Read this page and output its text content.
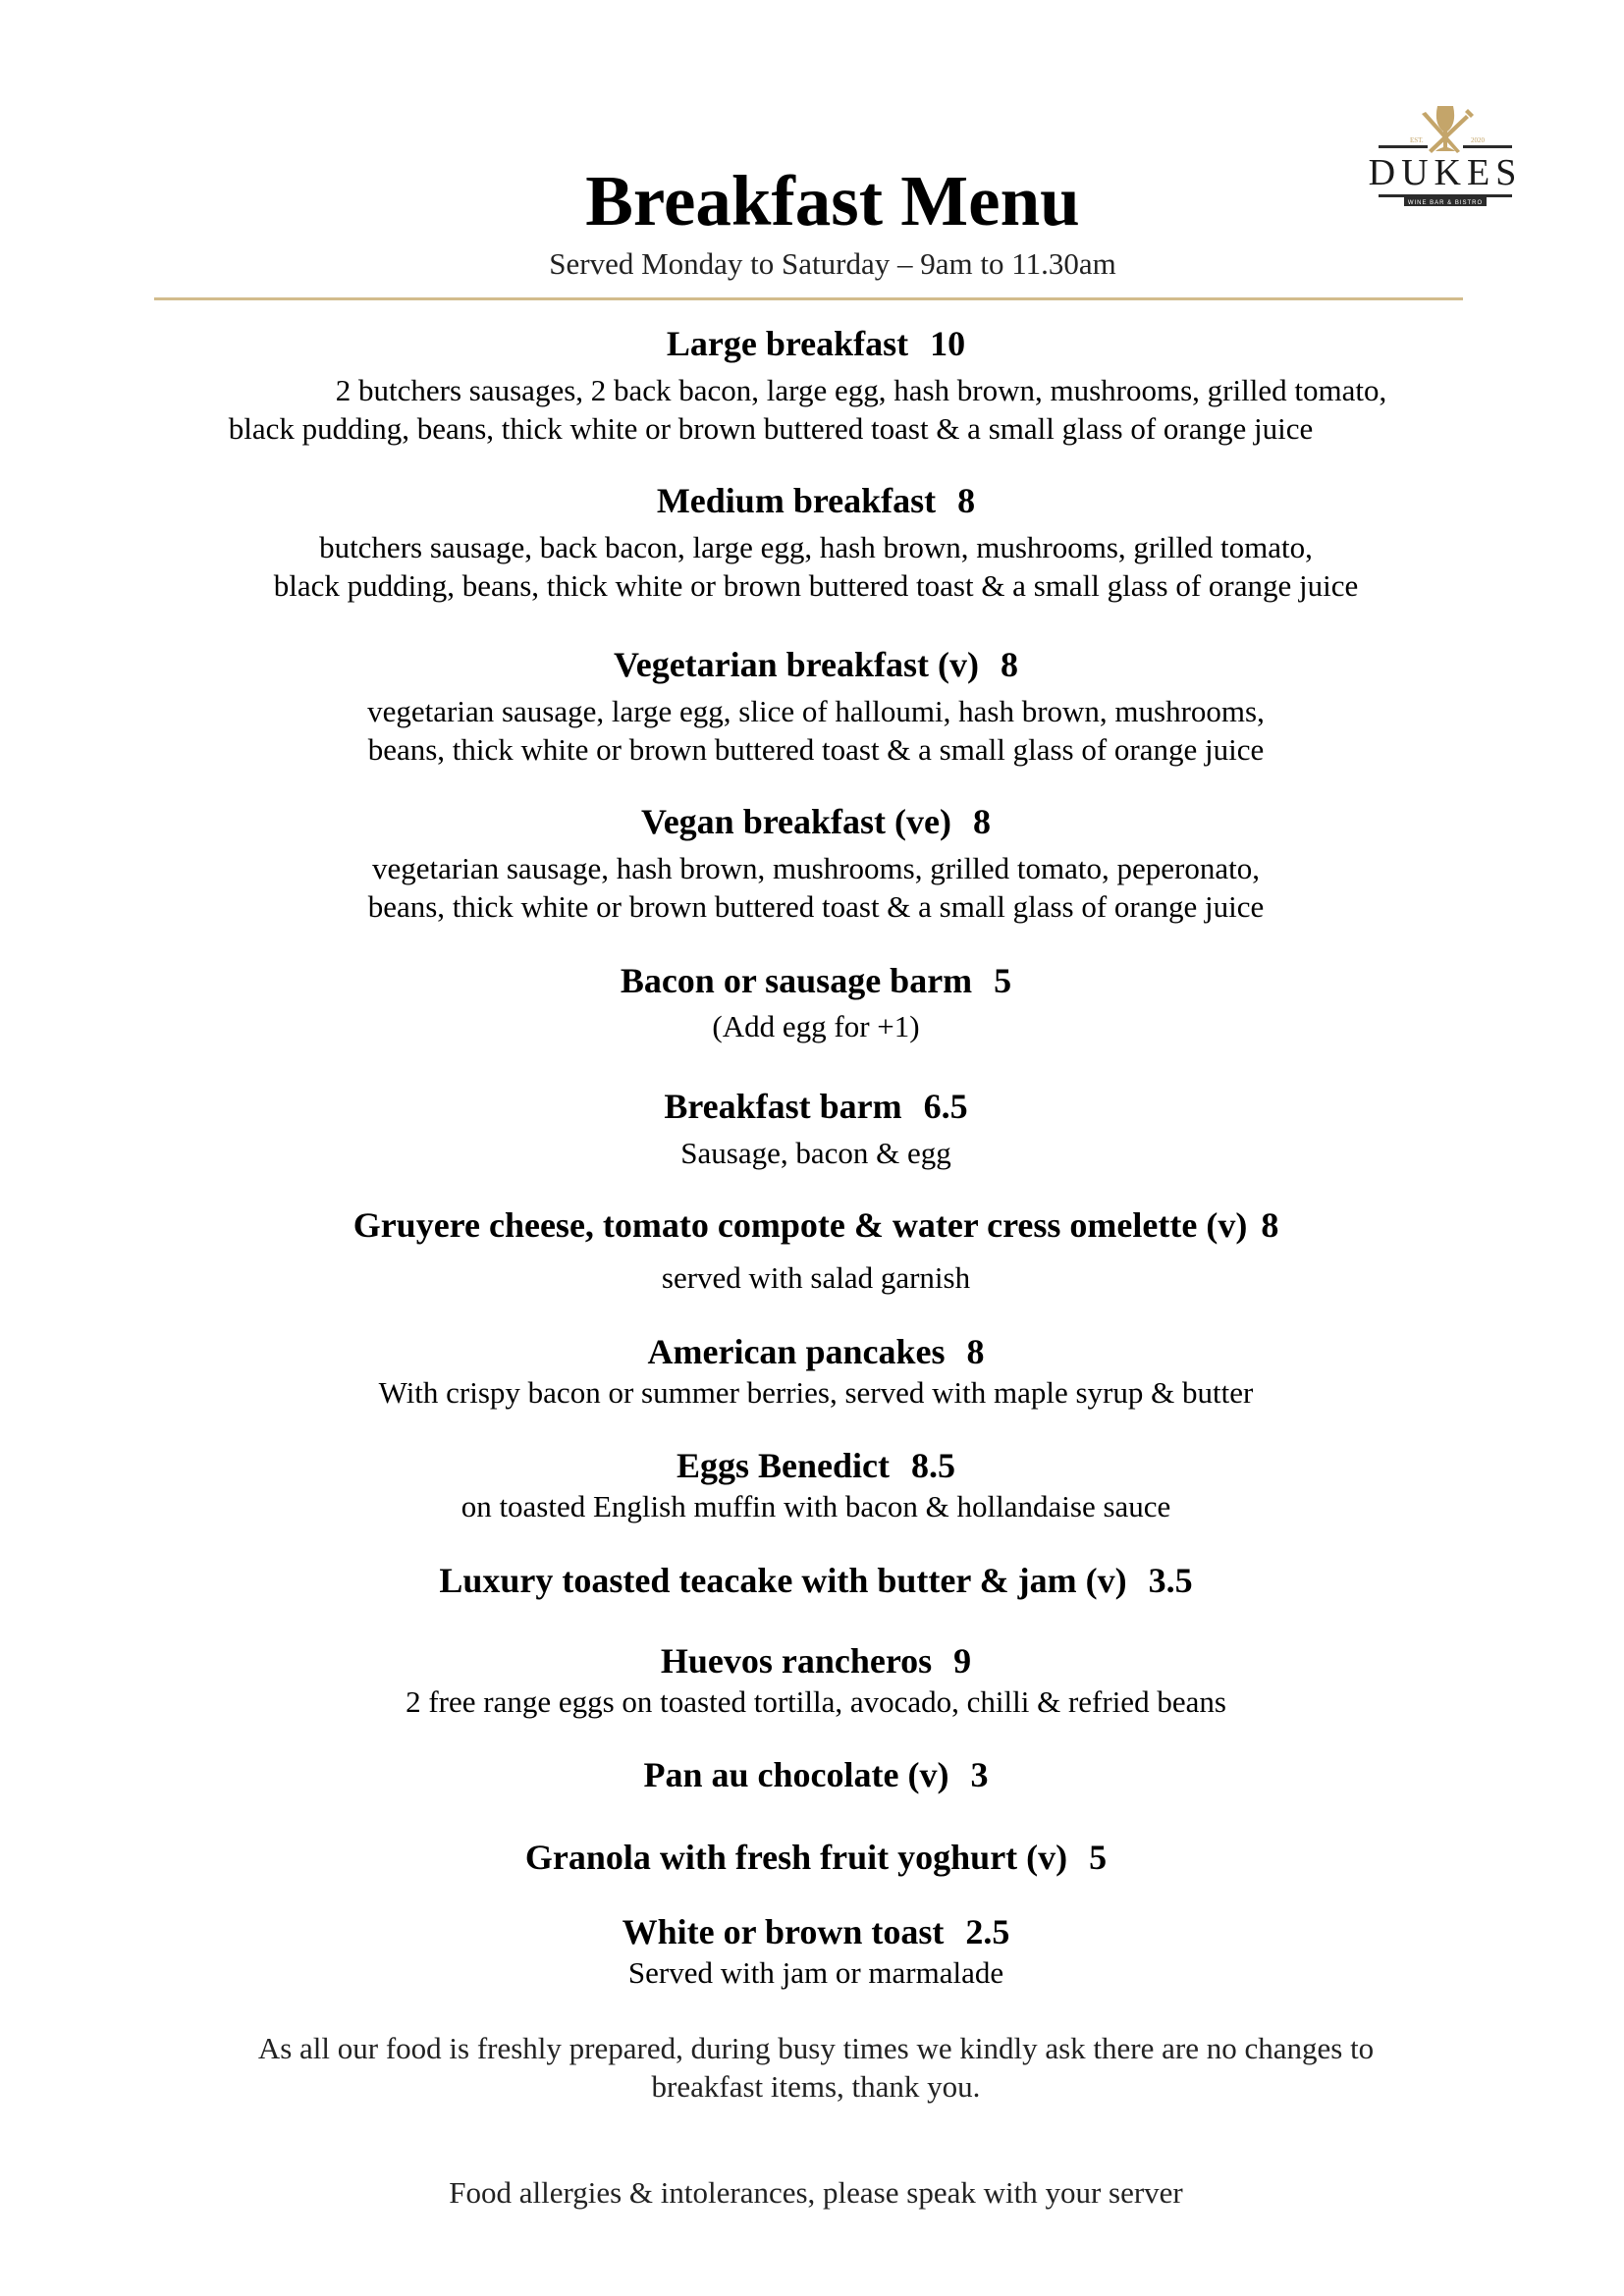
EST.	2020
DUKES
WINE BAR & BISTRO
Breakfast Menu
Served Monday to Saturday – 9am to 11.30am
Large breakfast 10
2 butchers sausages, 2 back bacon, large egg, hash brown, mushrooms, grilled tomato,
black pudding, beans, thick white or brown buttered toast & a small glass of orange juice
Medium breakfast 8
butchers sausage, back bacon, large egg, hash brown, mushrooms, grilled tomato,
black pudding, beans, thick white or brown buttered toast & a small glass of orange juice
Vegetarian breakfast (v) 8
vegetarian sausage, large egg, slice of halloumi, hash brown, mushrooms,
beans, thick white or brown buttered toast & a small glass of orange juice
Vegan breakfast (ve) 8
vegetarian sausage, hash brown, mushrooms, grilled tomato, peperonato,
beans, thick white or brown buttered toast & a small glass of orange juice
Bacon or sausage barm 5
(Add egg for +1)
Breakfast barm 6.5
Sausage, bacon & egg
Gruyere cheese, tomato compote & water cress omelette (v) 8
served with salad garnish
American pancakes 8
With crispy bacon or summer berries, served with maple syrup & butter
Eggs Benedict 8.5
on toasted English muffin with bacon & hollandaise sauce
Luxury toasted teacake with butter & jam (v) 3.5
Huevos rancheros 9
2 free range eggs on toasted tortilla, avocado, chilli & refried beans
Pan au chocolate (v) 3
Granola with fresh fruit yoghurt (v) 5
White or brown toast 2.5
Served with jam or marmalade
As all our food is freshly prepared, during busy times we kindly ask there are no changes to
breakfast items, thank you.
Food allergies & intolerances, please speak with your server
